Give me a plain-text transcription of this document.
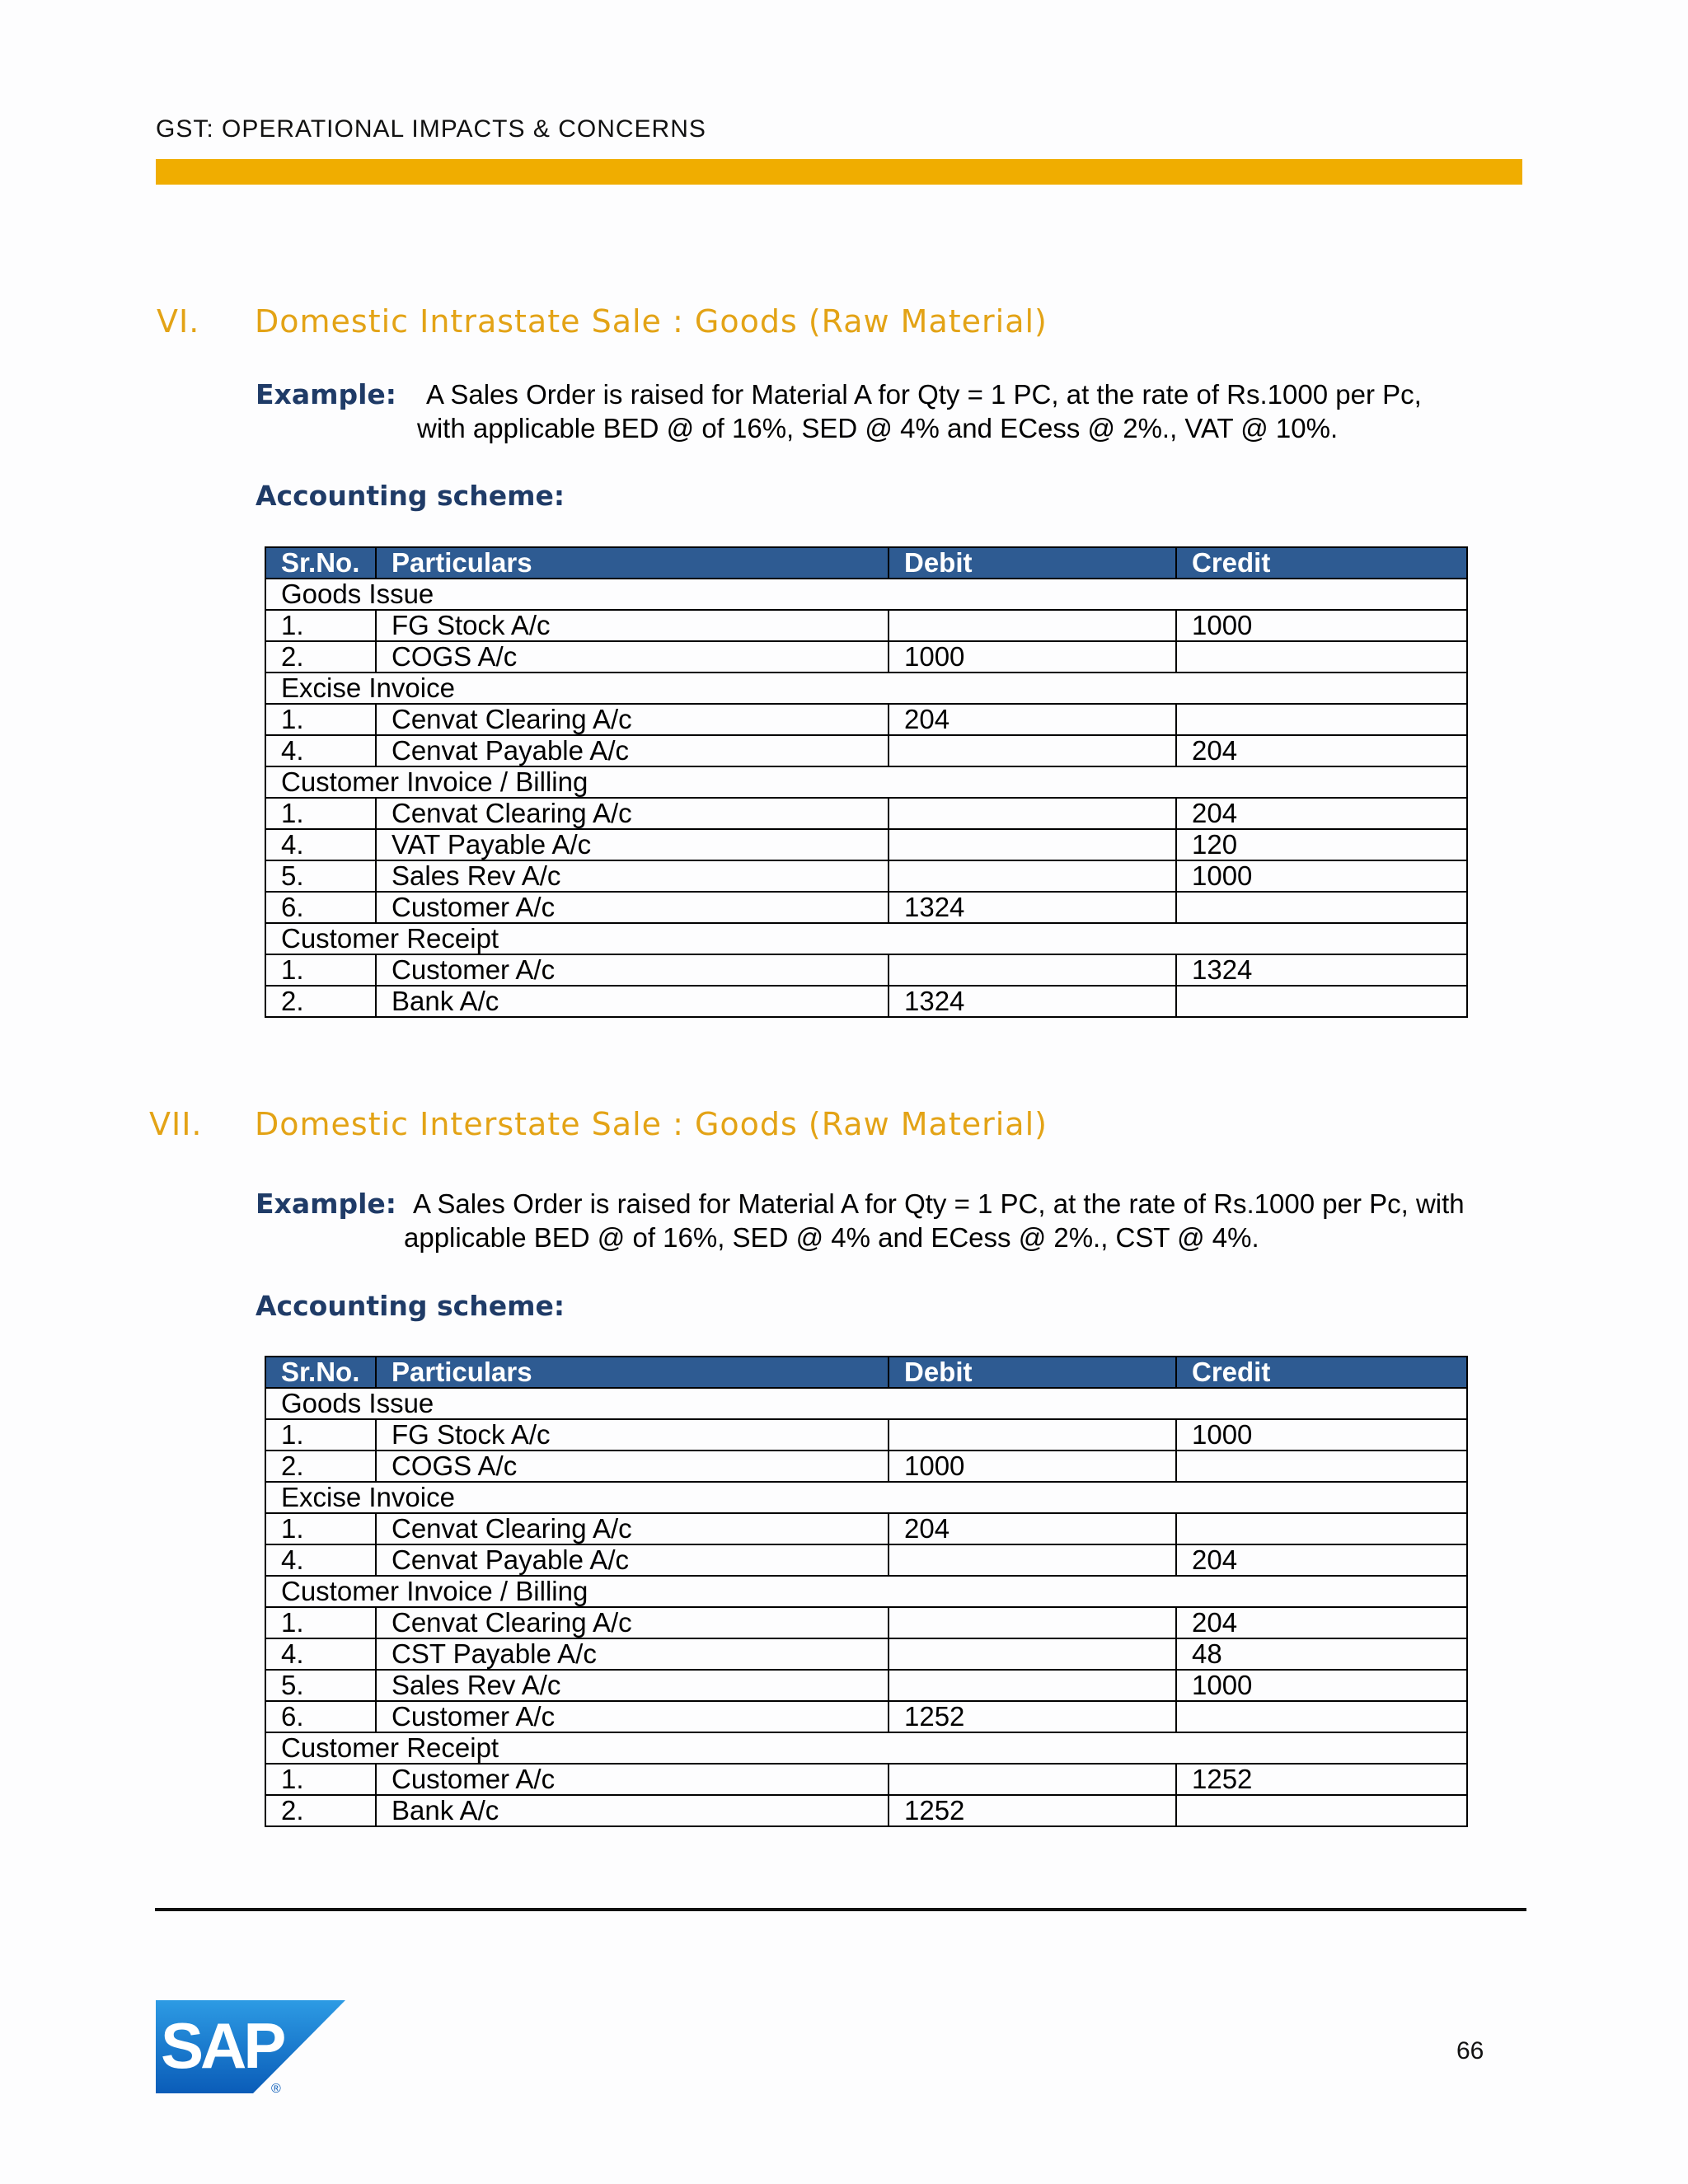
GST: OPERATIONAL IMPACTS & CONCERNS
VI. Domestic Intrastate Sale : Goods (Raw Material)
Example: A Sales Order is raised for Material A for Qty = 1 PC, at the rate of Rs.1000 per Pc,
with applicable BED @ of 16%, SED @ 4% and ECess @ 2%., VAT @ 10%.
Accounting scheme:
Sr.No.	Particulars	Debit	Credit
Goods Issue			
1.	FG Stock A/c		1000
2.	COGS A/c	1000	
Excise Invoice			
1.	Cenvat Clearing A/c	204	
4.	Cenvat Payable A/c		204
Customer Invoice / Billing			
1.	Cenvat Clearing A/c		204
4.	VAT Payable A/c		120
5.	Sales Rev A/c		1000
6.	Customer A/c	1324	
Customer Receipt			
1.	Customer A/c		1324
2.	Bank A/c	1324	
VII. Domestic Interstate Sale : Goods (Raw Material)
Example: A Sales Order is raised for Material A for Qty = 1 PC, at the rate of Rs.1000 per Pc, with
applicable BED @ of 16%, SED @ 4% and ECess @ 2%., CST @ 4%.
Accounting scheme:
Sr.No.	Particulars	Debit	Credit
Goods Issue			
1.	FG Stock A/c		1000
2.	COGS A/c	1000	
Excise Invoice			
1.	Cenvat Clearing A/c	204	
4.	Cenvat Payable A/c		204
Customer Invoice / Billing			
1.	Cenvat Clearing A/c		204
4.	CST Payable A/c		48
5.	Sales Rev A/c		1000
6.	Customer A/c	1252	
Customer Receipt			
1.	Customer A/c		1252
2.	Bank A/c	1252	
SAP
®
66
